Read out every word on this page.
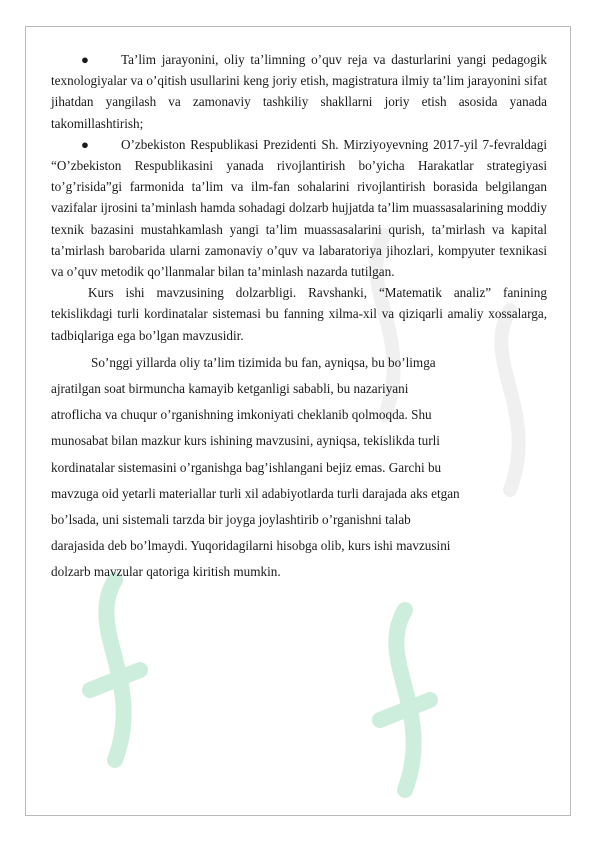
● Ta’lim jarayonini, oliy ta’limning o’quv reja va dasturlarini yangi pedagogik texnologiyalar va o’qitish usullarini keng joriy etish, magistratura ilmiy ta’lim jarayonini sifat jihatdan yangilash va zamonaviy tashkiliy shakllarni joriy etish asosida yanada takomillashtirish;

● O’zbekiston Respublikasi Prezidenti Sh. Mirziyoyevning 2017-yil 7-fevraldagi “O’zbekiston Respublikasini yanada rivojlantirish bo’yicha Harakatlar strategiyasi to’g’risida”gi farmonida ta’lim va ilm-fan sohalarini rivojlantirish borasida belgilangan vazifalar ijrosini ta’minlash hamda sohadagi dolzarb hujjatda ta’lim muassasalarining moddiy texnik bazasini mustahkamlash yangi ta’lim muassasalarini qurish, ta’mirlash va kapital ta’mirlash barobarida ularni zamonaviy o’quv va labaratoriya jihozlari, kompyuter texnikasi va o’quv metodik qo’llanmalar bilan ta’minlash nazarda tutilgan.

Kurs ishi mavzusining dolzarbligi. Ravshanki, “Matematik analiz” fanining tekislikdagi turli kordinatalar sistemasi bu fanning xilma-xil va qiziqarli amaliy xossalarga, tadbiqlariga ega bo’lgan mavzusidir.

So’nggi yillarda oliy ta’lim tizimida bu fan, ayniqsa, bu bo’limga
ajratilgan soat birmuncha kamayib ketganligi sababli, bu nazariyani
atroflicha va chuqur o’rganishning imkoniyati cheklanib qolmoqda. Shu
munosabat bilan mazkur kurs ishining mavzusini, ayniqsa, tekislikda turli
kordinatalar sistemasini o’rganishga bag’ishlangani bejiz emas. Garchi bu
mavzuga oid yetarli materiallar turli xil adabiyotlarda turli darajada aks etgan
bo’lsada, uni sistemali tarzda bir joyga joylashtirib o’rganishni talab
darajasida deb bo’lmaydi. Yuqoridagilarni hisobga olib, kurs ishi mavzusini
dolzarb mavzular qatoriga kiritish mumkin.
